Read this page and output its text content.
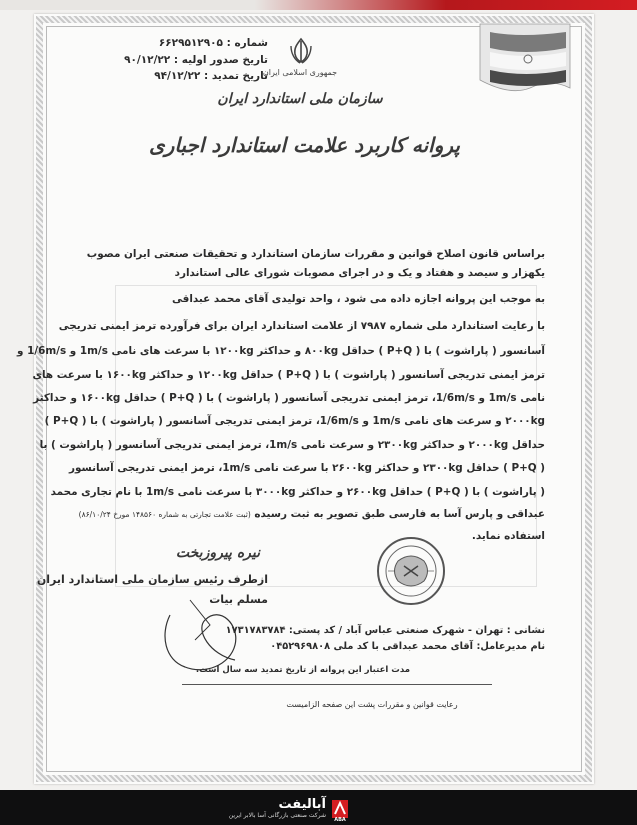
شماره : ۶۶۲۹۵۱۲۹۰۵
تاریخ صدور اولیه : ۹۰/۱۲/۲۲
تاریخ تمدید : ۹۴/۱۲/۲۲	جمهوری اسلامی ایران
سازمان ملی استاندارد ایران
پروانه کاربرد علامت استاندارد اجباری
براساس قانون اصلاح قوانین و مقررات سازمان استاندارد و تحقیقات صنعتی ایران مصوب
یکهزار و سیصد و هفتاد و یک و در اجرای مصوبات شورای عالی استاندارد
به موجب این پروانه اجازه داده می شود ، واحد تولیدی آقای محمد عبداقی
با رعایت استاندارد ملی شماره ۷۹۸۷ از علامت استاندارد ایران برای فرآورده ترمز ایمنی تدریجی
آسانسور ( پاراشوت ) با ( P+Q ) حداقل ۸۰۰kg و حداکثر ۱۲۰۰kg با سرعت های نامی 1m/s و 1/6m/s و
ترمز ایمنی تدریجی آسانسور ( پاراشوت ) با ( P+Q ) حداقل ۱۲۰۰kg و حداکثر ۱۶۰۰kg با سرعت های
نامی 1m/s و 1/6m/s، ترمز ایمنی تدریجی آسانسور ( پاراشوت ) با ( P+Q ) حداقل ۱۶۰۰kg و حداکثر
۲۰۰۰kg و سرعت های نامی 1m/s و 1/6m/s، ترمز ایمنی تدریجی آسانسور ( پاراشوت ) با ( P+Q )
حداقل ۲۰۰۰kg و حداکثر ۲۳۰۰kg و سرعت نامی 1m/s، ترمز ایمنی تدریجی آسانسور ( پاراشوت ) با
( P+Q ) حداقل ۲۳۰۰kg و حداکثر ۲۶۰۰kg با سرعت نامی 1m/s، ترمز ایمنی تدریجی آسانسور
( پاراشوت ) با ( P+Q ) حداقل ۲۶۰۰kg و حداکثر ۳۰۰۰kg با سرعت نامی 1m/s با نام تجاری محمد
عبداقی و پارس آسا به فارسی طبق تصویر به ثبت رسیده (ثبت علامت تجارتی به شماره ۱۴۸۵۶۰ مورخ ۸۶/۱۰/۲۴)
استفاده نماید.
نیره پیروزبخت
ازطرف رئیس سازمان ملی استاندارد ایران
مسلم بیات
نشانی : تهران - شهرک صنعتی عباس آباد / کد پستی: ۱۷۳۱۷۸۳۷۸۴
نام مدیرعامل: آقای محمد عبداقی با کد ملی ۰۴۵۲۹۶۹۸۰۸
مدت اعتبار این پروانه از تاریخ تمدید سه سال است.
رعایت قوانین و مقررات پشت این صفحه الزامیست
ABA
آبالیفت
شرکت صنعتی بازرگانی آسا بالابر ایرین
